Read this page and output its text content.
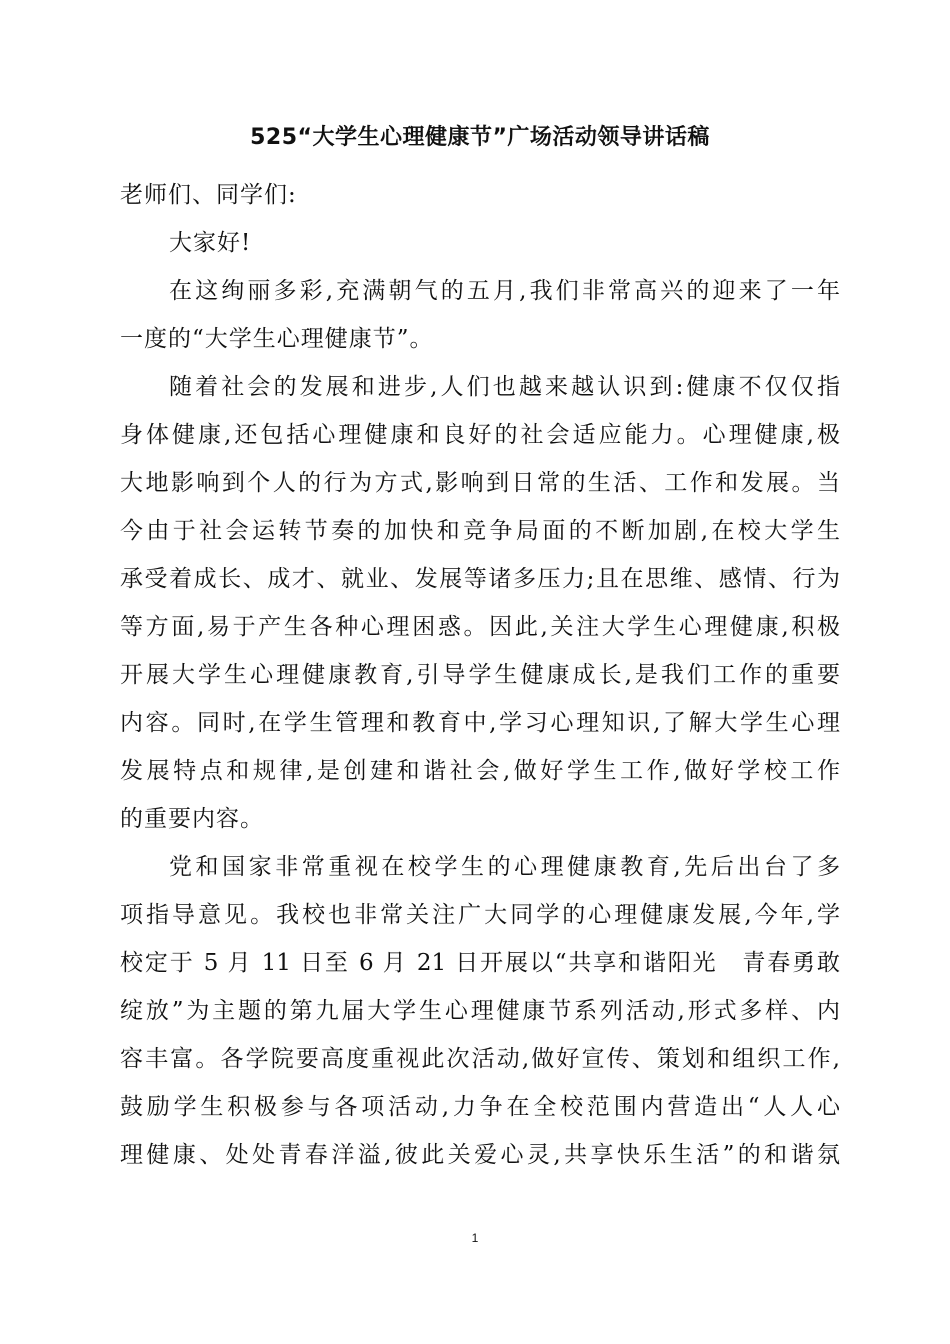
525“大学生心理健康节”广场活动领导讲话稿
老师们、同学们:
大家好!
在这绚丽多彩,充满朝气的五月,我们非常高兴的迎来了一年
一度的“大学生心理健康节”。
随着社会的发展和进步,人们也越来越认识到:健康不仅仅指
身体健康,还包括心理健康和良好的社会适应能力。心理健康,极
大地影响到个人的行为方式,影响到日常的生活、工作和发展。当
今由于社会运转节奏的加快和竞争局面的不断加剧,在校大学生
承受着成长、成才、就业、发展等诸多压力;且在思维、感情、行为
等方面,易于产生各种心理困惑。因此,关注大学生心理健康,积极
开展大学生心理健康教育,引导学生健康成长,是我们工作的重要
内容。同时,在学生管理和教育中,学习心理知识,了解大学生心理
发展特点和规律,是创建和谐社会,做好学生工作,做好学校工作
的重要内容。
党和国家非常重视在校学生的心理健康教育,先后出台了多
项指导意见。我校也非常关注广大同学的心理健康发展,今年,学
校定于 5 月 11 日至 6 月 21 日开展以“共享和谐阳光　青春勇敢
绽放”为主题的第九届大学生心理健康节系列活动,形式多样、内
容丰富。各学院要高度重视此次活动,做好宣传、策划和组织工作,
鼓励学生积极参与各项活动,力争在全校范围内营造出“人人心
理健康、处处青春洋溢,彼此关爱心灵,共享快乐生活”的和谐氛
1
